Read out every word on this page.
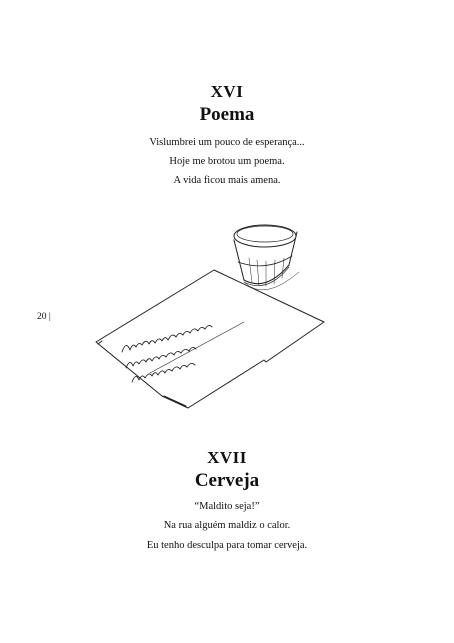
XVI
Poema
Vislumbrei um pouco de esperança...
Hoje me brotou um poema.
A vida ficou mais amena.
20 |
XVII
Cerveja
“Maldito seja!”
Na rua alguém maldiz o calor.
Eu tenho desculpa para tomar cerveja.
